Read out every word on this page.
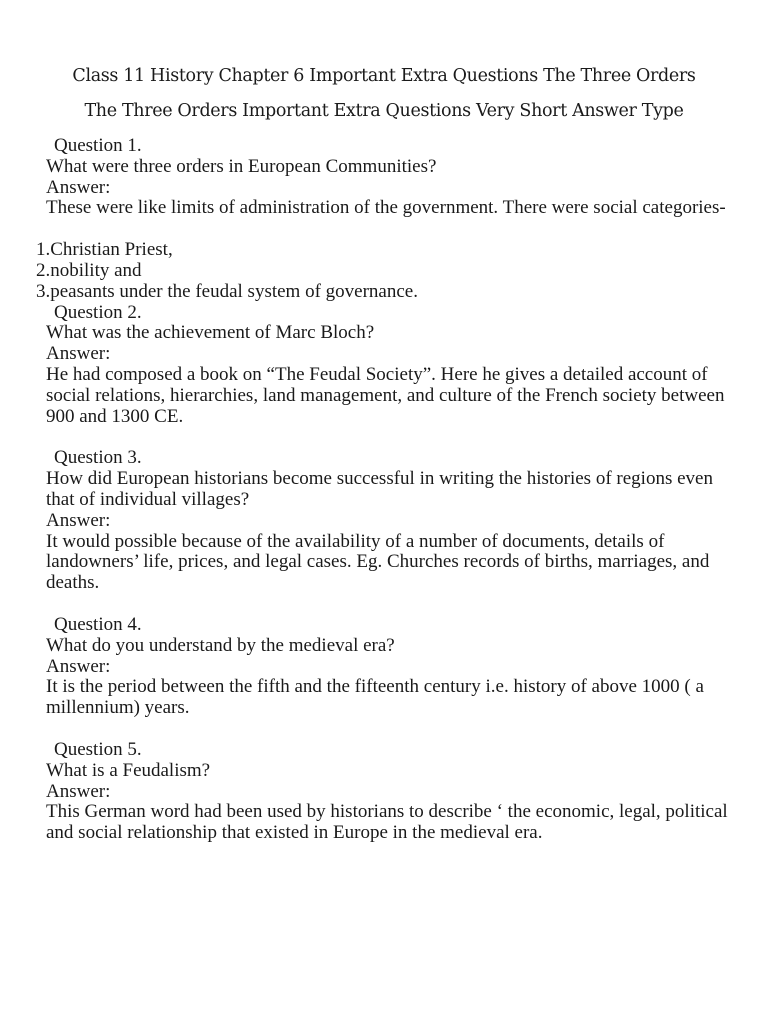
Class 11 History Chapter 6 Important Extra Questions The Three Orders
The Three Orders Important Extra Questions Very Short Answer Type
Question 1.
What were three orders in European Communities?
Answer:
These were like limits of administration of the government. There were social categories-
1.Christian Priest,
2.nobility and
3.peasants under the feudal system of governance.
Question 2.
What was the achievement of Marc Bloch?
Answer:
He had composed a book on “The Feudal Society”. Here he gives a detailed account of social relations, hierarchies, land management, and culture of the French society between 900 and 1300 CE.
Question 3.
How did European historians become successful in writing the histories of regions even that of individual villages?
Answer:
It would possible because of the availability of a number of documents, details of landowners’ life, prices, and legal cases. Eg. Churches records of births, marriages, and deaths.
Question 4.
What do you understand by the medieval era?
Answer:
It is the period between the fifth and the fifteenth century i.e. history of above 1000 ( a millennium) years.
Question 5.
What is a Feudalism?
Answer:
This German word had been used by historians to describe ‘ the economic, legal, political and social relationship that existed in Europe in the medieval era.
